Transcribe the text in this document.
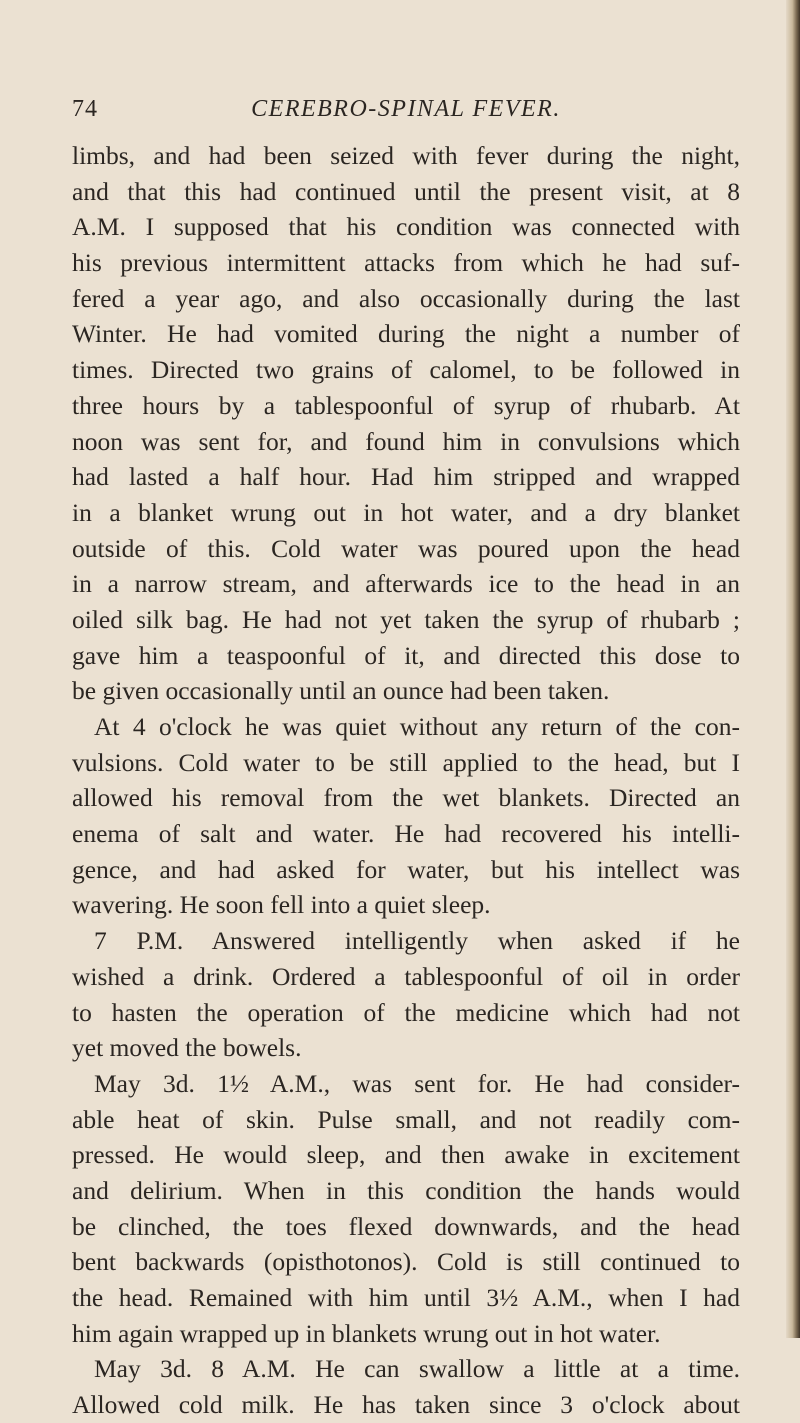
74	CEREBRO-SPINAL FEVER.
limbs, and had been seized with fever during the night,
and that this had continued until the present visit, at 8
A.M. I supposed that his condition was connected with
his previous intermittent attacks from which he had suf-
fered a year ago, and also occasionally during the last
Winter. He had vomited during the night a number of
times. Directed two grains of calomel, to be followed in
three hours by a tablespoonful of syrup of rhubarb. At
noon was sent for, and found him in convulsions which
had lasted a half hour. Had him stripped and wrapped
in a blanket wrung out in hot water, and a dry blanket
outside of this. Cold water was poured upon the head
in a narrow stream, and afterwards ice to the head in an
oiled silk bag. He had not yet taken the syrup of rhubarb ;
gave him a teaspoonful of it, and directed this dose to
be given occasionally until an ounce had been taken.
At 4 o'clock he was quiet without any return of the con-
vulsions. Cold water to be still applied to the head, but I
allowed his removal from the wet blankets. Directed an
enema of salt and water. He had recovered his intelli-
gence, and had asked for water, but his intellect was
wavering. He soon fell into a quiet sleep.
7 P.M. Answered intelligently when asked if he
wished a drink. Ordered a tablespoonful of oil in order
to hasten the operation of the medicine which had not
yet moved the bowels.
May 3d. 1½ A.M., was sent for. He had consider-
able heat of skin. Pulse small, and not readily com-
pressed. He would sleep, and then awake in excitement
and delirium. When in this condition the hands would
be clinched, the toes flexed downwards, and the head
bent backwards (opisthotonos). Cold is still continued to
the head. Remained with him until 3½ A.M., when I had
him again wrapped up in blankets wrung out in hot water.
May 3d. 8 A.M. He can swallow a little at a time.
Allowed cold milk. He has taken since 3 o'clock about
